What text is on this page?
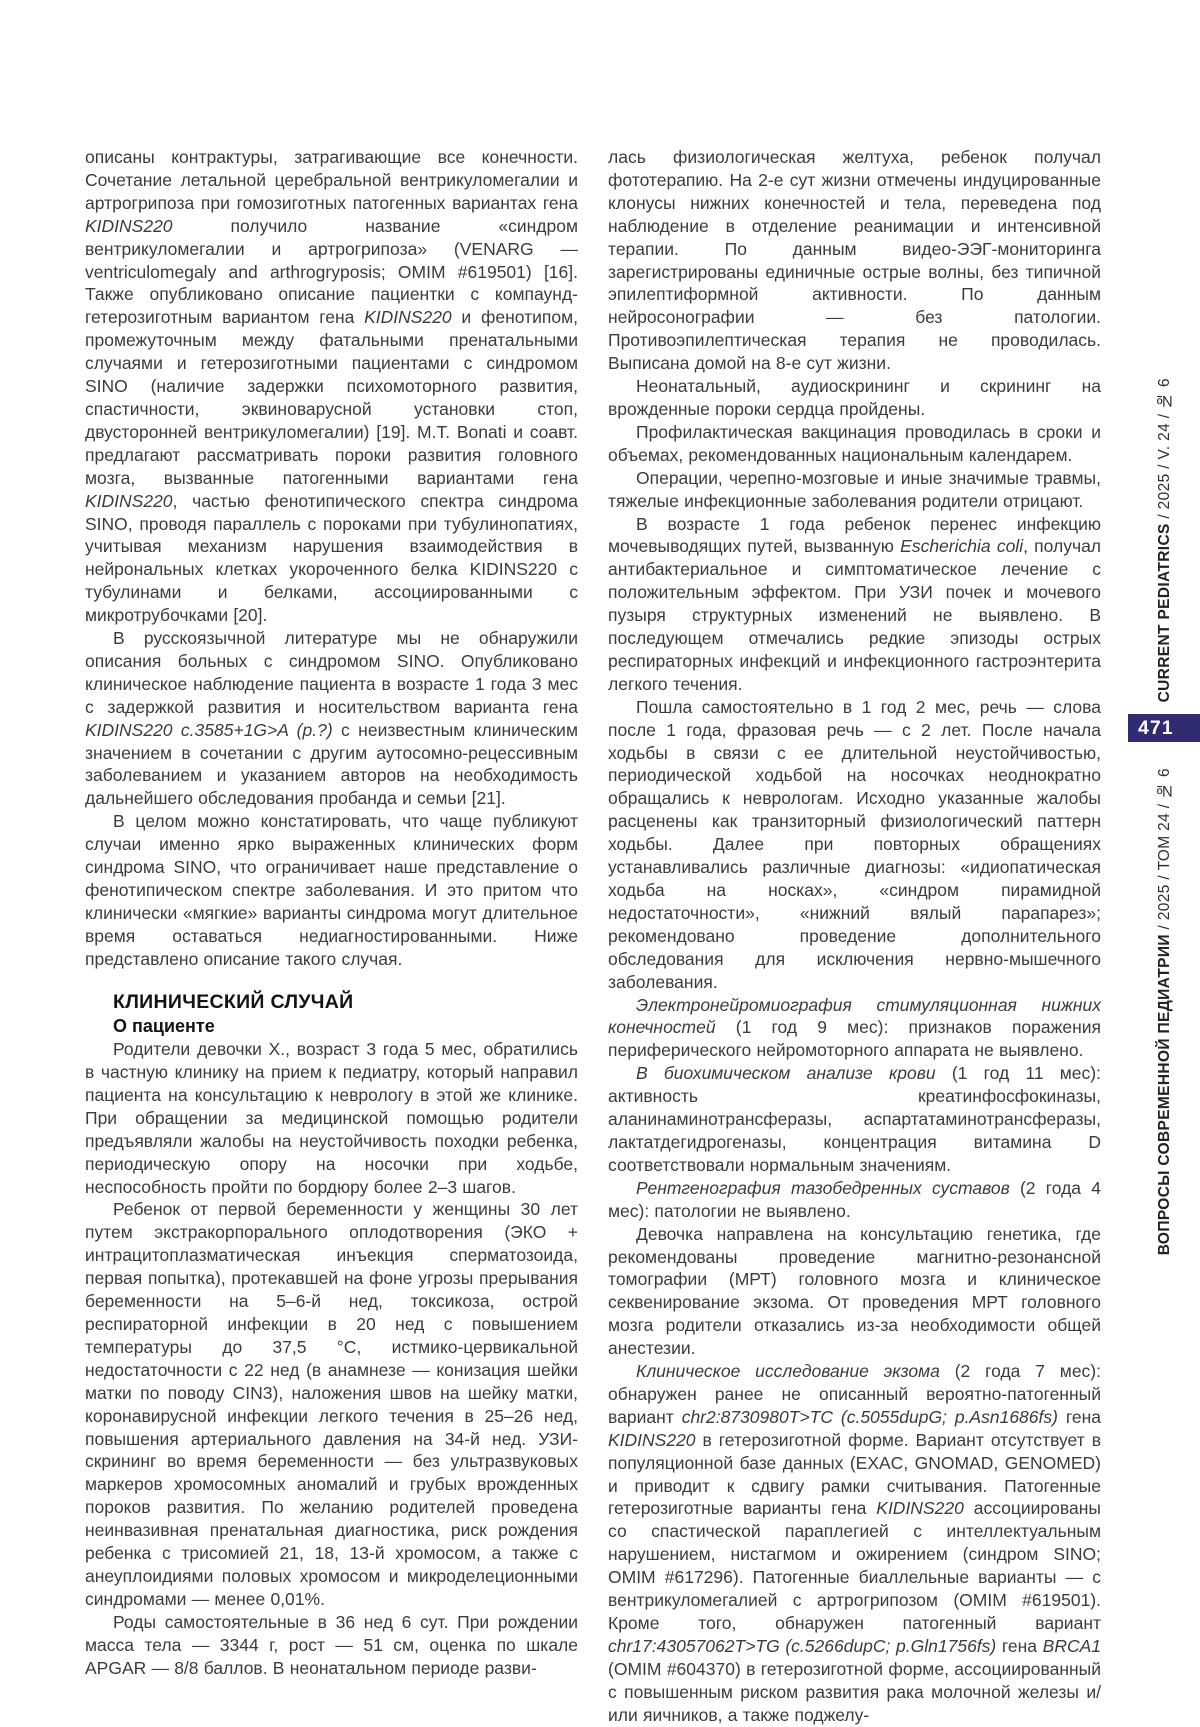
описаны контрактуры, затрагивающие все конечности. Сочетание летальной церебральной вентрикуломегалии и артрогрипоза при гомозиготных патогенных вариантах гена KIDINS220 получило название «синдром вентрикуломегалии и артрогрипоза» (VENARG — ventriculomegaly and arthrogryposis; OMIM #619501) [16]. Также опубликовано описание пациентки с компаунд-гетерозиготным вариантом гена KIDINS220 и фенотипом, промежуточным между фатальными пренатальными случаями и гетерозиготными пациентами с синдромом SINO (наличие задержки психомоторного развития, спастичности, эквиноварусной установки стоп, двусторонней вентрикуломегалии) [19]. M.T. Bonati и соавт. предлагают рассматривать пороки развития головного мозга, вызванные патогенными вариантами гена KIDINS220, частью фенотипического спектра синдрома SINO, проводя параллель с пороками при тубулинопатиях, учитывая механизм нарушения взаимодействия в нейрональных клетках укороченного белка KIDINS220 с тубулинами и белками, ассоциированными с микротрубочками [20].

В русскоязычной литературе мы не обнаружили описания больных с синдромом SINO. Опубликовано клиническое наблюдение пациента в возрасте 1 года 3 мес с задержкой развития и носительством варианта гена KIDINS220 c.3585+1G>A (p.?) с неизвестным клиническим значением в сочетании с другим аутосомно-рецессивным заболеванием и указанием авторов на необходимость дальнейшего обследования пробанда и семьи [21].

В целом можно констатировать, что чаще публикуют случаи именно ярко выраженных клинических форм синдрома SINO, что ограничивает наше представление о фенотипическом спектре заболевания. И это притом что клинически «мягкие» варианты синдрома могут длительное время оставаться недиагностированными. Ниже представлено описание такого случая.

КЛИНИЧЕСКИЙ СЛУЧАЙ
О пациенте

Родители девочки Х., возраст 3 года 5 мес, обратились в частную клинику на прием к педиатру, который направил пациента на консультацию к неврологу в этой же клинике. При обращении за медицинской помощью родители предъявляли жалобы на неустойчивость походки ребенка, периодическую опору на носочки при ходьбе, неспособность пройти по бордюру более 2–3 шагов.

Ребенок от первой беременности у женщины 30 лет путем экстракорпорального оплодотворения (ЭКО + интрацитоплазматическая инъекция сперматозоида, первая попытка), протекавшей на фоне угрозы прерывания беременности на 5–6-й нед, токсикоза, острой респираторной инфекции в 20 нед с повышением температуры до 37,5 °C, истмико-цервикальной недостаточности с 22 нед (в анамнезе — конизация шейки матки по поводу CIN3), наложения швов на шейку матки, коронавирусной инфекции легкого течения в 25–26 нед, повышения артериального давления на 34-й нед. УЗИ-скрининг во время беременности — без ультразвуковых маркеров хромосомных аномалий и грубых врожденных пороков развития. По желанию родителей проведена неинвазивная пренатальная диагностика, риск рождения ребенка с трисомией 21, 18, 13-й хромосом, а также с анеуплоидиями половых хромосом и микроделеционными синдромами — менее 0,01%.

Роды самостоятельные в 36 нед 6 сут. При рождении масса тела — 3344 г, рост — 51 см, оценка по шкале APGAR — 8/8 баллов. В неонатальном периоде разви-

лась физиологическая желтуха, ребенок получал фототерапию. На 2-е сут жизни отмечены индуцированные клонусы нижних конечностей и тела, переведена под наблюдение в отделение реанимации и интенсивной терапии. По данным видео-ЭЭГ-мониторинга зарегистрированы единичные острые волны, без типичной эпилептиформной активности. По данным нейросонографии — без патологии. Противоэпилептическая терапия не проводилась. Выписана домой на 8-е сут жизни.

Неонатальный, аудиоскрининг и скрининг на врожденные пороки сердца пройдены.

Профилактическая вакцинация проводилась в сроки и объемах, рекомендованных национальным календарем.

Операции, черепно-мозговые и иные значимые травмы, тяжелые инфекционные заболевания родители отрицают.

В возрасте 1 года ребенок перенес инфекцию мочевыводящих путей, вызванную Escherichia coli, получал антибактериальное и симптоматическое лечение с положительным эффектом. При УЗИ почек и мочевого пузыря структурных изменений не выявлено. В последующем отмечались редкие эпизоды острых респираторных инфекций и инфекционного гастроэнтерита легкого течения.

Пошла самостоятельно в 1 год 2 мес, речь — слова после 1 года, фразовая речь — с 2 лет. После начала ходьбы в связи с ее длительной неустойчивостью, периодической ходьбой на носочках неоднократно обращались к неврологам. Исходно указанные жалобы расценены как транзиторный физиологический паттерн ходьбы. Далее при повторных обращениях устанавливались различные диагнозы: «идиопатическая ходьба на носках», «синдром пирамидной недостаточности», «нижний вялый парапарез»; рекомендовано проведение дополнительного обследования для исключения нервно-мышечного заболевания.

Электронейромиография стимуляционная нижних конечностей (1 год 9 мес): признаков поражения периферического нейромоторного аппарата не выявлено.

В биохимическом анализе крови (1 год 11 мес): активность креатинфосфокиназы, аланинаминотрансферазы, аспартатаминотрансферазы, лактатдегидрогеназы, концентрация витамина D соответствовали нормальным значениям.

Рентгенография тазобедренных суставов (2 года 4 мес): патологии не выявлено.

Девочка направлена на консультацию генетика, где рекомендованы проведение магнитно-резонансной томографии (МРТ) головного мозга и клиническое секвенирование экзома. От проведения МРТ головного мозга родители отказались из-за необходимости общей анестезии.

Клиническое исследование экзома (2 года 7 мес): обнаружен ранее не описанный вероятно-патогенный вариант chr2:8730980T>TC (c.5055dupG; p.Asn1686fs) гена KIDINS220 в гетерозиготной форме. Вариант отсутствует в популяционной базе данных (EXAC, GNOMAD, GENOMED) и приводит к сдвигу рамки считывания. Патогенные гетерозиготные варианты гена KIDINS220 ассоциированы со спастической параплегией с интеллектуальным нарушением, нистагмом и ожирением (синдром SINO; OMIM #617296). Патогенные биаллельные варианты — с вентрикуломегалией с артрогрипозом (OMIM #619501). Кроме того, обнаружен патогенный вариант chr17:43057062T>TG (c.5266dupC; p.Gln1756fs) гена BRCA1 (OMIM #604370) в гетерозиготной форме, ассоциированный с повышенным риском развития рака молочной железы и/или яичников, а также поджелу-

CURRENT PEDIATRICS / 2025 / V. 24 / № 6
471
ВОПРОСЫ СОВРЕМЕННОЙ ПЕДИАТРИИ / 2025 / ТОМ 24 / № 6
